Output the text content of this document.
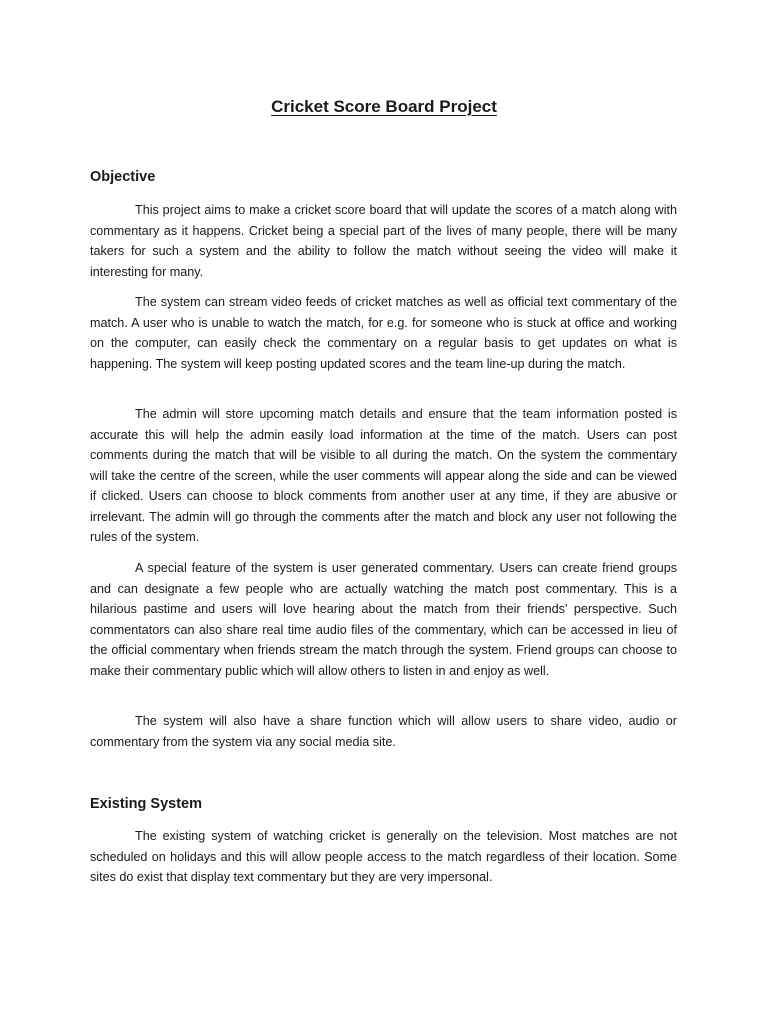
Cricket Score Board Project
Objective

This project aims to make a cricket score board that will update the scores of a match along with commentary as it happens. Cricket being a special part of the lives of many people, there will be many takers for such a system and the ability to follow the match without seeing the video will make it interesting for many.

The system can stream video feeds of cricket matches as well as official text commentary of the match. A user who is unable to watch the match, for e.g. for someone who is stuck at office and working on the computer, can easily check the commentary on a regular basis to get updates on what is happening. The system will keep posting updated scores and the team line-up during the match.

The admin will store upcoming match details and ensure that the team information posted is accurate this will help the admin easily load information at the time of the match. Users can post comments during the match that will be visible to all during the match. On the system the commentary will take the centre of the screen, while the user comments will appear along the side and can be viewed if clicked. Users can choose to block comments from another user at any time, if they are abusive or irrelevant. The admin will go through the comments after the match and block any user not following the rules of the system.

A special feature of the system is user generated commentary. Users can create friend groups and can designate a few people who are actually watching the match post commentary. This is a hilarious pastime and users will love hearing about the match from their friends’ perspective. Such commentators can also share real time audio files of the commentary, which can be accessed in lieu of the official commentary when friends stream the match through the system. Friend groups can choose to make their commentary public which will allow others to listen in and enjoy as well.

The system will also have a share function which will allow users to share video, audio or commentary from the system via any social media site.

Existing System

The existing system of watching cricket is generally on the television. Most matches are not scheduled on holidays and this will allow people access to the match regardless of their location. Some sites do exist that display text commentary but they are very impersonal.
